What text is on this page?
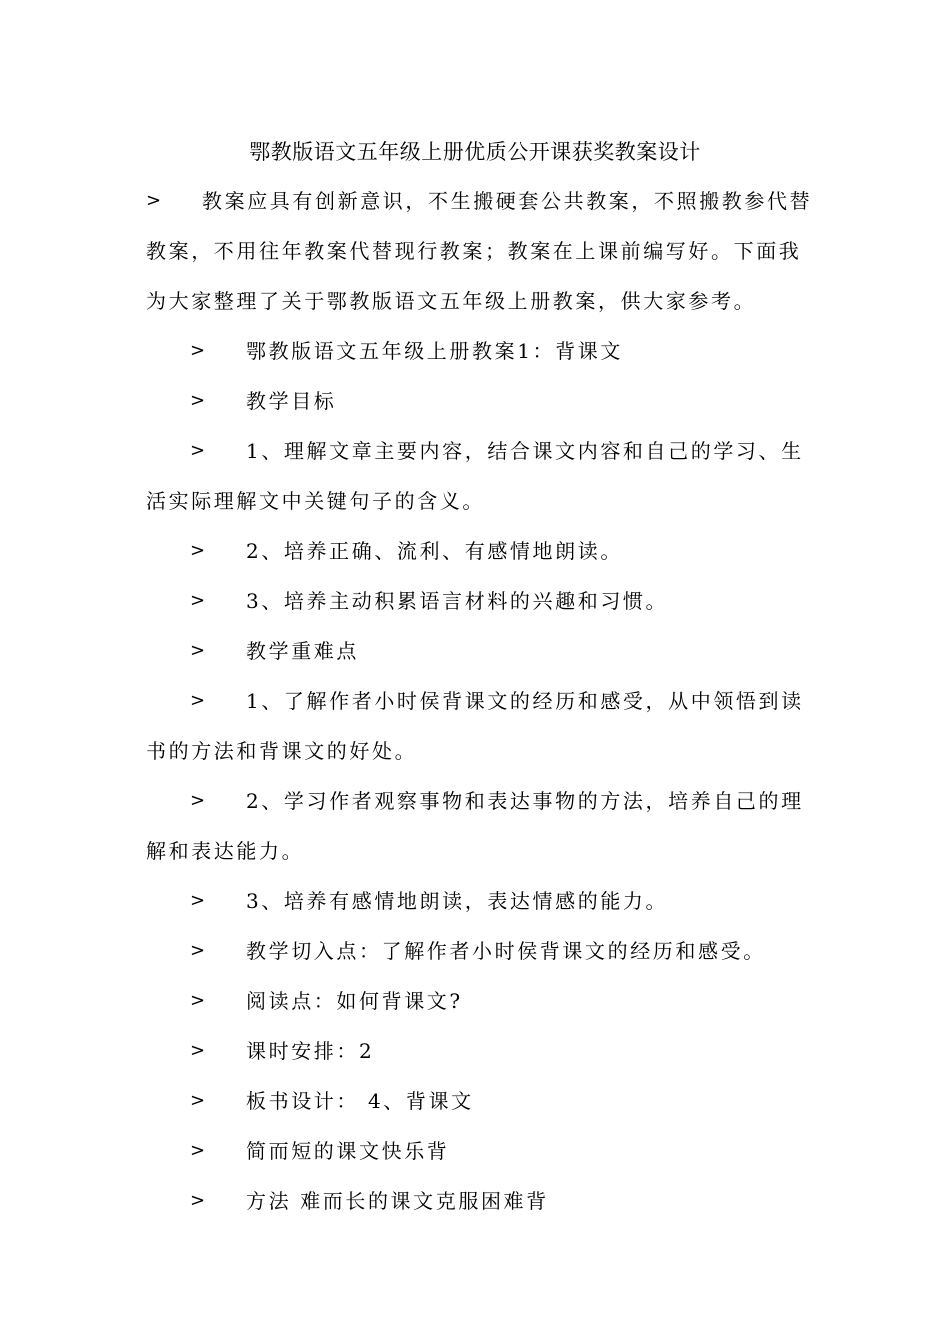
鄂教版语文五年级上册优质公开课获奖教案设计
> 教案应具有创新意识，不生搬硬套公共教案，不照搬教参代替
教案，不用往年教案代替现行教案；教案在上课前编写好。下面我
为大家整理了关于鄂教版语文五年级上册教案，供大家参考。
> 鄂教版语文五年级上册教案1：背课文
> 教学目标
> 1、理解文章主要内容，结合课文内容和自己的学习、生
活实际理解文中关键句子的含义。
> 2、培养正确、流利、有感情地朗读。
> 3、培养主动积累语言材料的兴趣和习惯。
> 教学重难点
> 1、了解作者小时侯背课文的经历和感受，从中领悟到读
书的方法和背课文的好处。
> 2、学习作者观察事物和表达事物的方法，培养自己的理
解和表达能力。
> 3、培养有感情地朗读，表达情感的能力。
> 教学切入点：了解作者小时侯背课文的经历和感受。
> 阅读点：如何背课文?
> 课时安排：2
> 板书设计： 4、背课文
> 简而短的课文快乐背
> 方法 难而长的课文克服困难背
